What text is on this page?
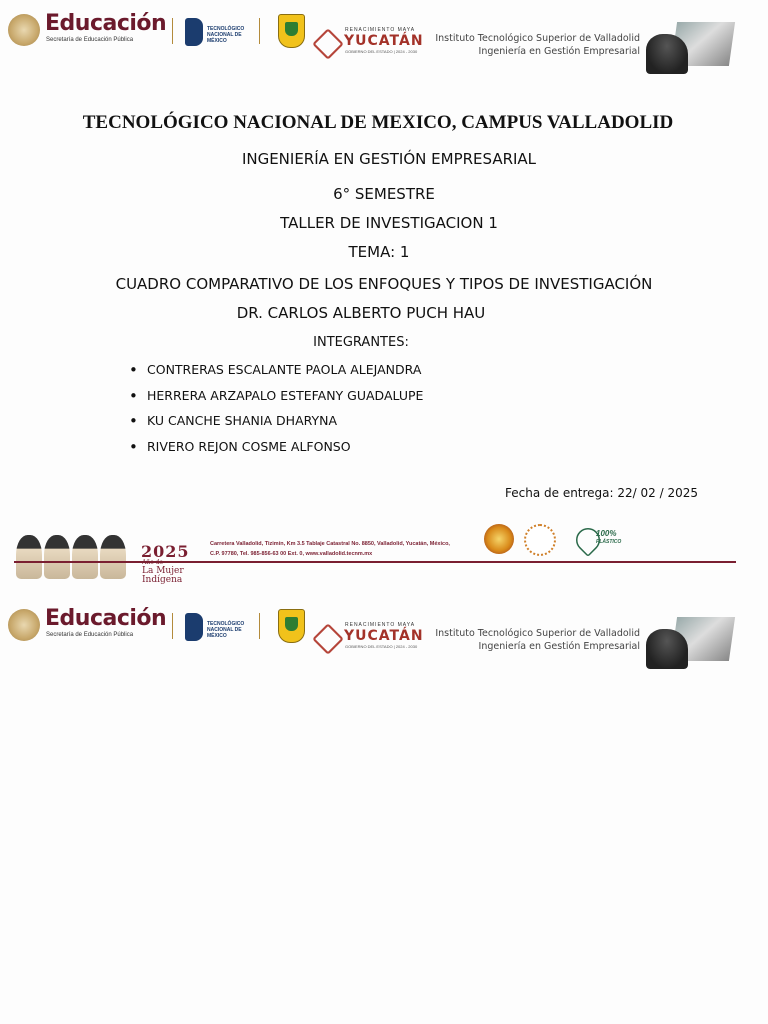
Educación
Secretaría de Educación Pública
TECNOLÓGICO NACIONAL DE MÉXICO
RENACIMIENTO MAYA
YUCATÁN
GOBIERNO DEL ESTADO | 2024 - 2030
Instituto Tecnológico Superior de Valladolid
Ingeniería en Gestión Empresarial
TECNOLÓGICO NACIONAL DE MEXICO, CAMPUS VALLADOLID
INGENIERÍA EN GESTIÓN EMPRESARIAL
6° SEMESTRE
TALLER DE INVESTIGACION 1
TEMA: 1
CUADRO COMPARATIVO DE LOS ENFOQUES Y TIPOS DE INVESTIGACIÓN
DR. CARLOS ALBERTO PUCH HAU
INTEGRANTES:
• CONTRERAS ESCALANTE PAOLA ALEJANDRA
• HERRERA ARZAPALO ESTEFANY GUADALUPE
• KU CANCHE SHANIA DHARYNA
• RIVERO REJON COSME ALFONSO
Fecha de entrega: 22/ 02 / 2025
2025
La Mujer
Indígena
Carretera Valladolid, Tizimín, Km 3.5 Tablaje Catastral No. 8850, Valladolid, Yucatán, México,
C.P. 97780, Tel. 985-856-63 00 Ext. 0, www.valladolid.tecnm.mx
100%
PLÁSTICO
Educación
Secretaría de Educación Pública
TECNOLÓGICO NACIONAL DE MÉXICO
RENACIMIENTO MAYA
YUCATÁN
GOBIERNO DEL ESTADO | 2024 - 2030
Instituto Tecnológico Superior de Valladolid
Ingeniería en Gestión Empresarial
